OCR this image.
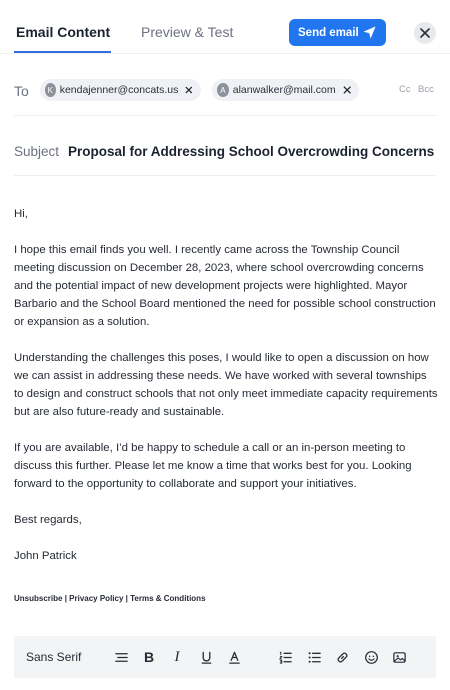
Email Content Preview & Test	Send email
To	K kendajenner@concats.us	A alanwalker@mail.com	Cc Bcc
Subject Proposal for Addressing School Overcrowding Concerns
Hi,
I hope this email finds you well. I recently came across the Township Council meeting discussion on December 28, 2023, where school overcrowding concerns and the potential impact of new development projects were highlighted. Mayor Barbario and the School Board mentioned the need for possible school construction or expansion as a solution.
Understanding the challenges this poses, I would like to open a discussion on how we can assist in addressing these needs. We have worked with several townships to design and construct schools that not only meet immediate capacity requirements but are also future-ready and sustainable.
If you are available, I’d be happy to schedule a call or an in-person meeting to discuss this further. Please let me know a time that works best for you. Looking forward to the opportunity to collaborate and support your initiatives.
Best regards,
John Patrick
Unsubscribe | Privacy Policy | Terms & Conditions
Sans Serif	B I
